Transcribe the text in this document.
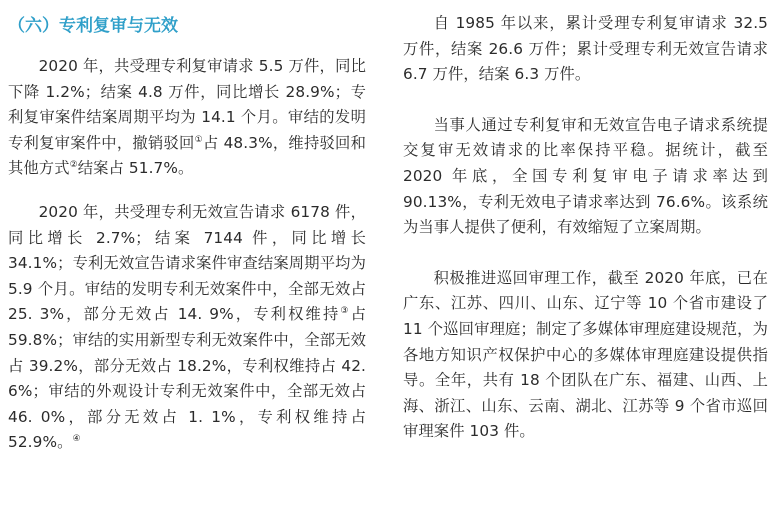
（六）专利复审与无效

2020 年，共受理专利复审请求 5.5 万件，同比下降 1.2%；结案 4.8 万件，同比增长 28.9%；专利复审案件结案周期平均为 14.1 个月。审结的发明专利复审案件中，撤销驳回①占 48.3%，维持驳回和其他方式②结案占 51.7%。

2020 年，共受理专利无效宣告请求 6178 件，同比增长 2.7%；结案 7144 件，同比增长 34.1%；专利无效宣告请求案件审查结案周期平均为 5.9 个月。审结的发明专利无效案件中，全部无效占 25. 3%，部分无效占 14. 9%，专利权维持③占 59.8%；审结的实用新型专利无效案件中，全部无效占 39.2%，部分无效占 18.2%，专利权维持占 42. 6%；审结的外观设计专利无效案件中，全部无效占 46. 0%，部分无效占 1. 1%，专利权维持占 52.9%。④

自 1985 年以来，累计受理专利复审请求 32.5 万件，结案 26.6 万件；累计受理专利无效宣告请求 6.7 万件，结案 6.3 万件。

当事人通过专利复审和无效宣告电子请求系统提交复审无效请求的比率保持平稳。据统计，截至 2020 年底，全国专利复审电子请求率达到 90.13%，专利无效电子请求率达到 76.6%。该系统为当事人提供了便利，有效缩短了立案周期。

积极推进巡回审理工作，截至 2020 年底，已在广东、江苏、四川、山东、辽宁等 10 个省市建设了 11 个巡回审理庭；制定了多媒体审理庭建设规范，为各地方知识产权保护中心的多媒体审理庭建设提供指导。全年，共有 18 个团队在广东、福建、山西、上海、浙江、山东、云南、湖北、江苏等 9 个省市巡回审理案件 103 件。
